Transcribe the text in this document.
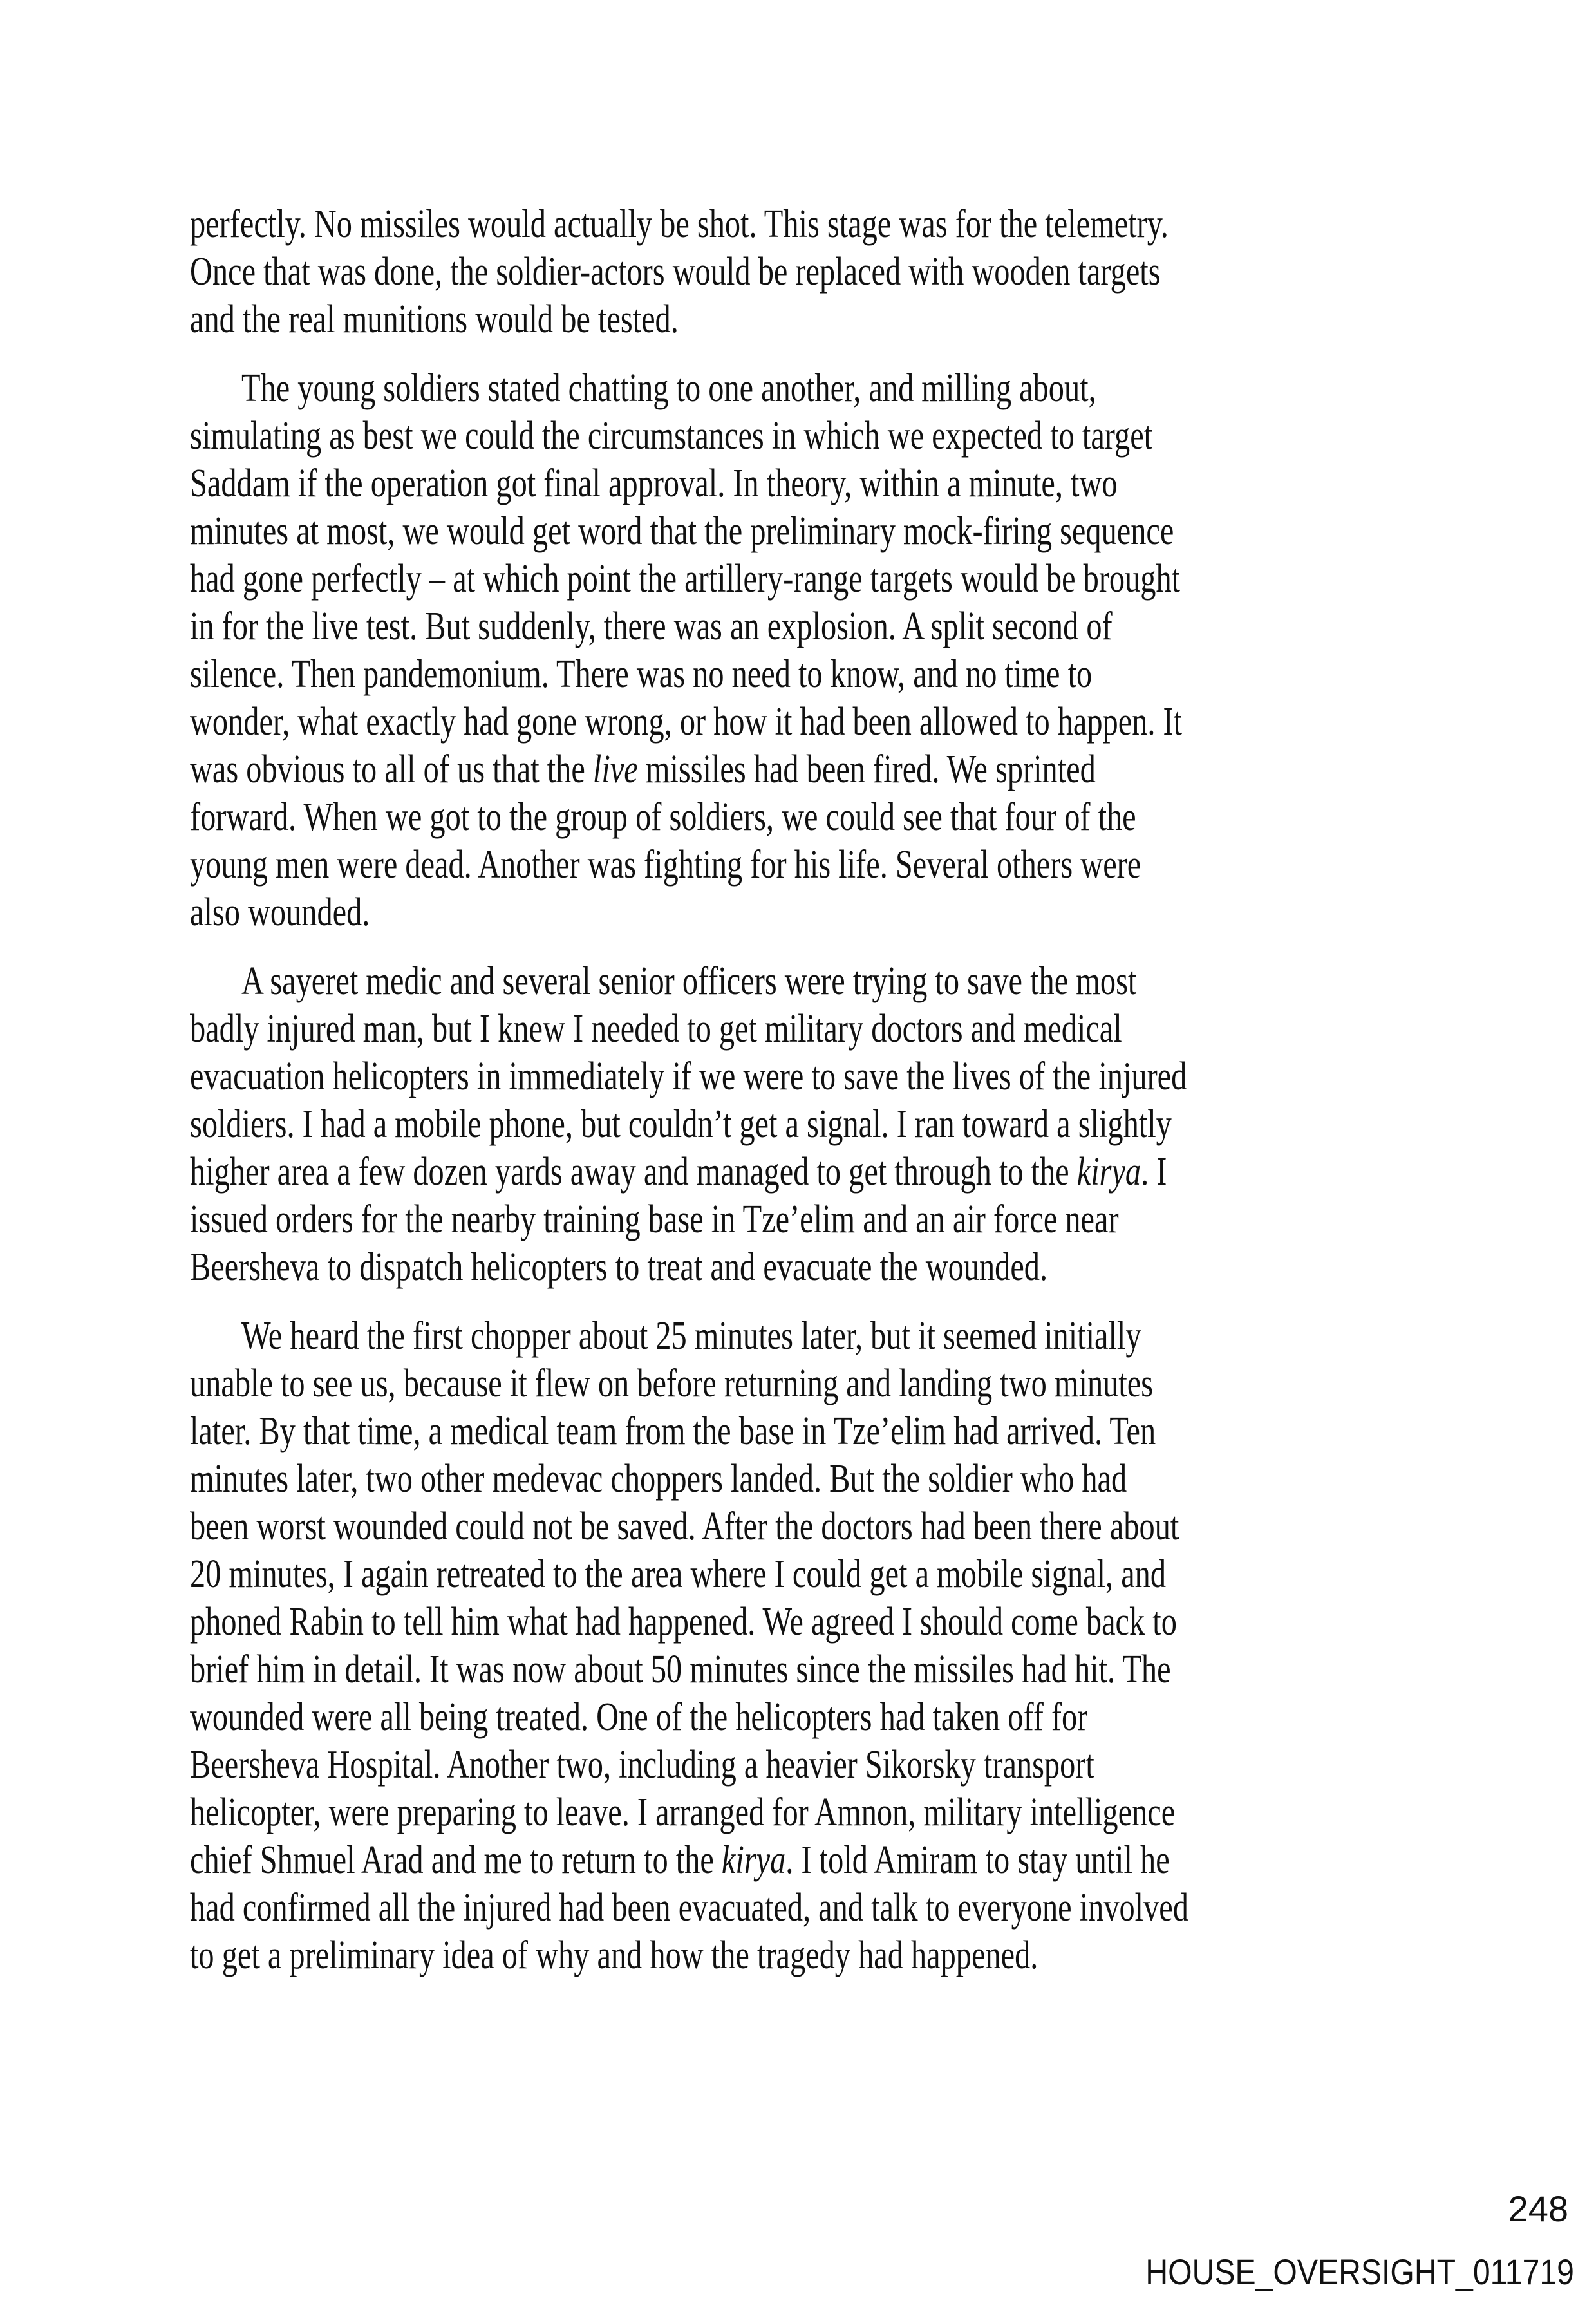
perfectly. No missiles would actually be shot. This stage was for the telemetry.
Once that was done, the soldier-actors would be replaced with wooden targets
and the real munitions would be tested.
The young soldiers stated chatting to one another, and milling about,
simulating as best we could the circumstances in which we expected to target
Saddam if the operation got final approval. In theory, within a minute, two
minutes at most, we would get word that the preliminary mock-firing sequence
had gone perfectly – at which point the artillery-range targets would be brought
in for the live test. But suddenly, there was an explosion. A split second of
silence. Then pandemonium. There was no need to know, and no time to
wonder, what exactly had gone wrong, or how it had been allowed to happen. It
was obvious to all of us that the live missiles had been fired. We sprinted
forward. When we got to the group of soldiers, we could see that four of the
young men were dead. Another was fighting for his life. Several others were
also wounded.
A sayeret medic and several senior officers were trying to save the most
badly injured man, but I knew I needed to get military doctors and medical
evacuation helicopters in immediately if we were to save the lives of the injured
soldiers. I had a mobile phone, but couldn’t get a signal. I ran toward a slightly
higher area a few dozen yards away and managed to get through to the kirya. I
issued orders for the nearby training base in Tze’elim and an air force near
Beersheva to dispatch helicopters to treat and evacuate the wounded.
We heard the first chopper about 25 minutes later, but it seemed initially
unable to see us, because it flew on before returning and landing two minutes
later. By that time, a medical team from the base in Tze’elim had arrived. Ten
minutes later, two other medevac choppers landed. But the soldier who had
been worst wounded could not be saved. After the doctors had been there about
20 minutes, I again retreated to the area where I could get a mobile signal, and
phoned Rabin to tell him what had happened. We agreed I should come back to
brief him in detail. It was now about 50 minutes since the missiles had hit. The
wounded were all being treated. One of the helicopters had taken off for
Beersheva Hospital. Another two, including a heavier Sikorsky transport
helicopter, were preparing to leave. I arranged for Amnon, military intelligence
chief Shmuel Arad and me to return to the kirya. I told Amiram to stay until he
had confirmed all the injured had been evacuated, and talk to everyone involved
to get a preliminary idea of why and how the tragedy had happened.
248
HOUSE_OVERSIGHT_011719
